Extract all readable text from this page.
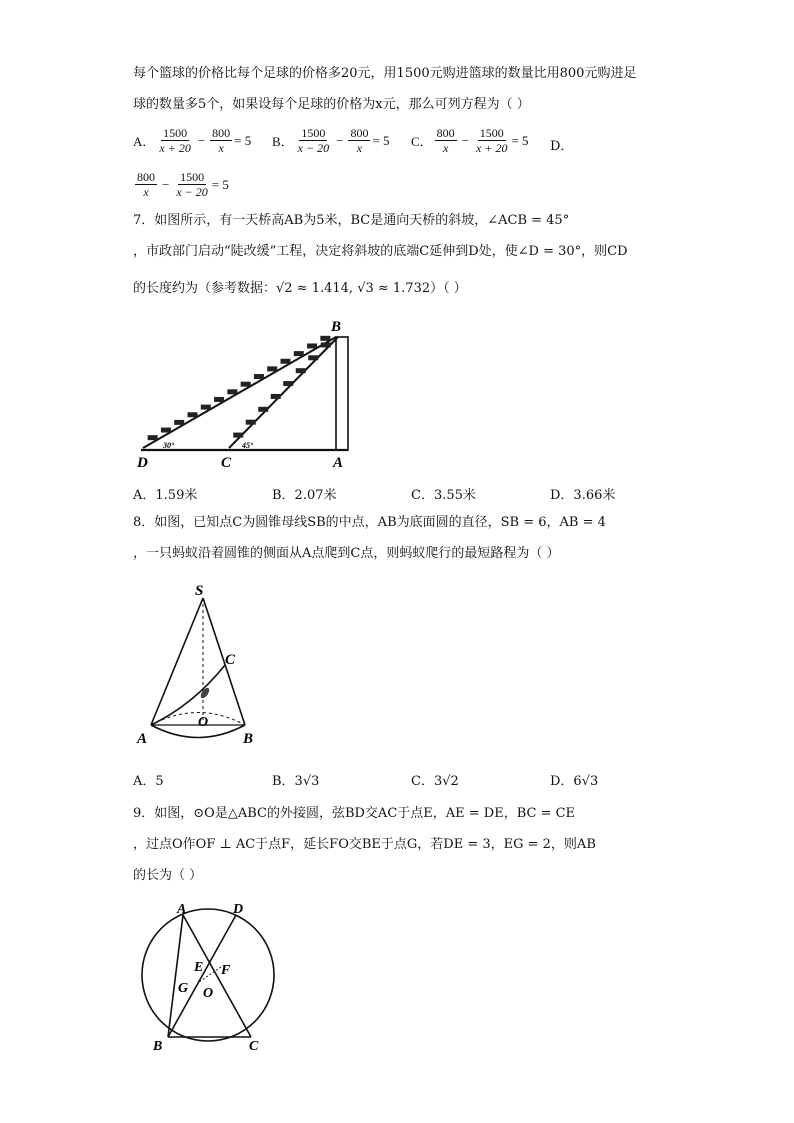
每个篮球的价格比每个足球的价格多20元，用1500元购进篮球的数量比用800元购进足
球的数量多5个，如果设每个足球的价格为x元，那么可列方程为（ ）
A． $\frac{1500}{x + 20} - \frac{800}{x} = 5$ B． $\frac{1500}{x - 20} - \frac{800}{x} = 5$ C． $\frac{800}{x} - \frac{1500}{x + 20} = 5$ D．
$\frac{800}{x} - \frac{1500}{x - 20} = 5$
7．如图所示，有一天桥高AB为5米，BC是通向天桥的斜坡，∠ACB = 45°
，市政部门启动“陡改缓”工程，决定将斜坡的底端C延伸到D处，使∠D = 30°，则CD
的长度约为（参考数据：√2 ≈ 1.414, √3 ≈ 1.732）（ ）
B
D	C	A
30°	45°
A．1.59米	B．2.07米	C．3.55米	D．3.66米
8．如图，已知点C为圆锥母线SB的中点，AB为底面圆的直径，SB = 6，AB = 4
，一只蚂蚁沿着圆锥的侧面从A点爬到C点，则蚂蚁爬行的最短路程为（ ）
S
C
O
A	B
A．5	B．3√3	C．3√2	D．6√3
9．如图，⊙O是△ABC的外接圆，弦BD交AC于点E，AE = DE，BC = CE
，过点O作OF ⊥ AC于点F，延长FO交BE于点G，若DE = 3，EG = 2，则AB
的长为（ ）
A	D
E F
G O
B	C
